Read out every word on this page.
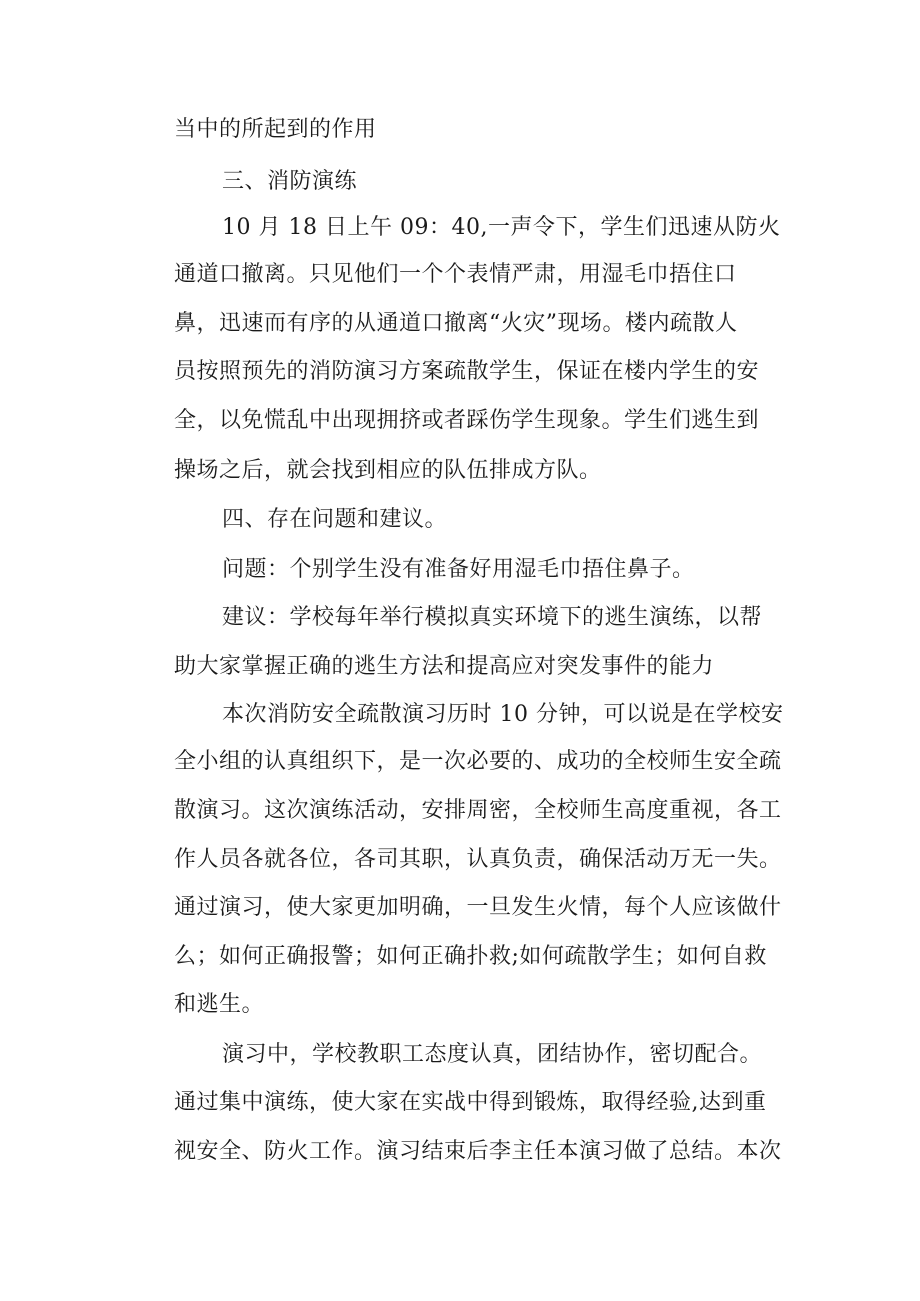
当中的所起到的作用
三、消防演练
10 月 18 日上午 09：40,一声令下，学生们迅速从防火
通道口撤离。只见他们一个个表情严肃，用湿毛巾捂住口
鼻，迅速而有序的从通道口撤离“火灾”现场。楼内疏散人
员按照预先的消防演习方案疏散学生，保证在楼内学生的安
全，以免慌乱中出现拥挤或者踩伤学生现象。学生们逃生到
操场之后，就会找到相应的队伍排成方队。
四、存在问题和建议。
问题：个别学生没有准备好用湿毛巾捂住鼻子。
建议：学校每年举行模拟真实环境下的逃生演练，以帮
助大家掌握正确的逃生方法和提高应对突发事件的能力
本次消防安全疏散演习历时 10 分钟，可以说是在学校安
全小组的认真组织下，是一次必要的、成功的全校师生安全疏
散演习。这次演练活动，安排周密，全校师生高度重视，各工
作人员各就各位，各司其职，认真负责，确保活动万无一失。
通过演习，使大家更加明确，一旦发生火情，每个人应该做什
么；如何正确报警；如何正确扑救;如何疏散学生；如何自救
和逃生。
演习中，学校教职工态度认真，团结协作，密切配合。
通过集中演练，使大家在实战中得到锻炼，取得经验,达到重
视安全、防火工作。演习结束后李主任本演习做了总结。本次
